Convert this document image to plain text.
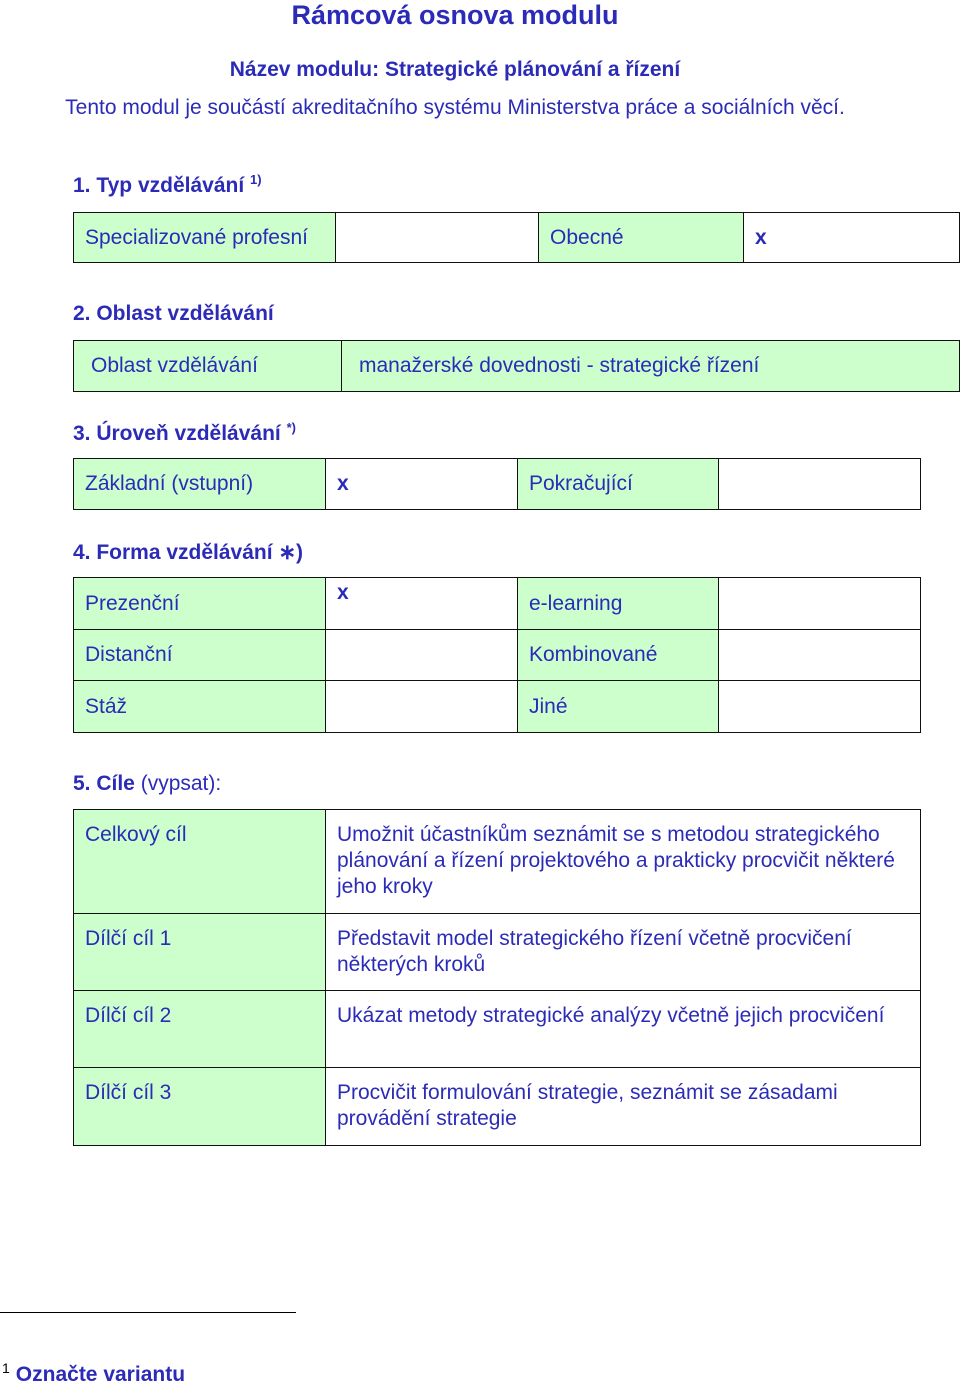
Rámcová osnova modulu
Název modulu: Strategické plánování a řízení
Tento modul je součástí akreditačního systému Ministerstva práce a sociálních věcí.
1. Typ vzdělávání $^{1)}$
Specializované profesní		Obecné	x
2. Oblast vzdělávání
Oblast vzdělávání	manažerské dovednosti - strategické řízení
3. Úroveň vzdělávání *)
Základní (vstupní)	x	Pokračující	
4. Forma vzdělávání ∗)
Prezenční	x	e-learning	
Distanční		Kombinované	
Stáž		Jiné	
5. Cíle (vypsat):
Celkový cíl	Umožnit účastníkům seznámit se s metodou strategického plánování a řízení projektového a prakticky procvičit některé jeho kroky
Dílčí cíl 1	Představit model strategického řízení včetně procvičení některých kroků
Dílčí cíl 2	Ukázat metody strategické analýzy včetně jejich procvičení
Dílčí cíl 3	Procvičit formulování strategie, seznámit se zásadami provádění strategie
$^1$ Označte variantu
